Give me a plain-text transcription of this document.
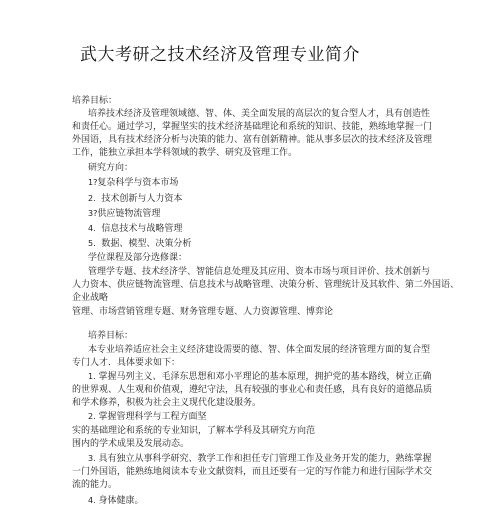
武大考研之技术经济及管理专业简介
培养目标：
培养技术经济及管理领域德、智、体、美全面发展的高层次的复合型人才，具有创造性
和责任心。通过学习，掌握坚实的技术经济基础理论和系统的知识、技能，熟练地掌握一门
外国语，具有技术经济分析与决策的能力、富有创新精神。能从事多层次的技术经济及管理
工作，能独立承担本学科领域的教学、研究及管理工作。
研究方向：
1?复杂科学与资本市场
2. 技术创新与人力资本
3?供应链物流管理
4. 信息技术与战略管理
5. 数据、模型、决策分析
学位课程及部分选修课：
管理学专题、技术经济学、智能信息处理及其应用、资本市场与项目评价、技术创新与
人力资本、供应链物流管理、信息技术与战略管理、决策分析、管理统计及其软件、第二外国语、
企业战略
管理、市场营销管理专题、财务管理专题、人力资源管理、博弈论
培养目标：
本专业培养适应社会主义经济建设需要的德、智、体全面发展的经济管理方面的复合型
专门人才．具体要求如下：
1. 掌握马列主义、毛泽东思想和邓小平理论的基本原理，拥护党的基本路线，树立正确
的世界观、人生观和价值观，遵纪守法，具有较强的事业心和责任感，具有良好的道德品质
和学术修养，积极为社会主义现代化建设服务。
2. 掌握管理科学与工程方面坚
实的基础理论和系统的专业知识，了解本学科及其研究方向范
围内的学术成果及发展动态。
3. 具有独立从事科学研究、教学工作和担任专门管理工作及业务开发的能力，熟练掌握
一门外国语，能熟练地阅读本专业文献资料，而且还要有一定的写作能力和进行国际学术交
流的能力。
4. 身体健康。
